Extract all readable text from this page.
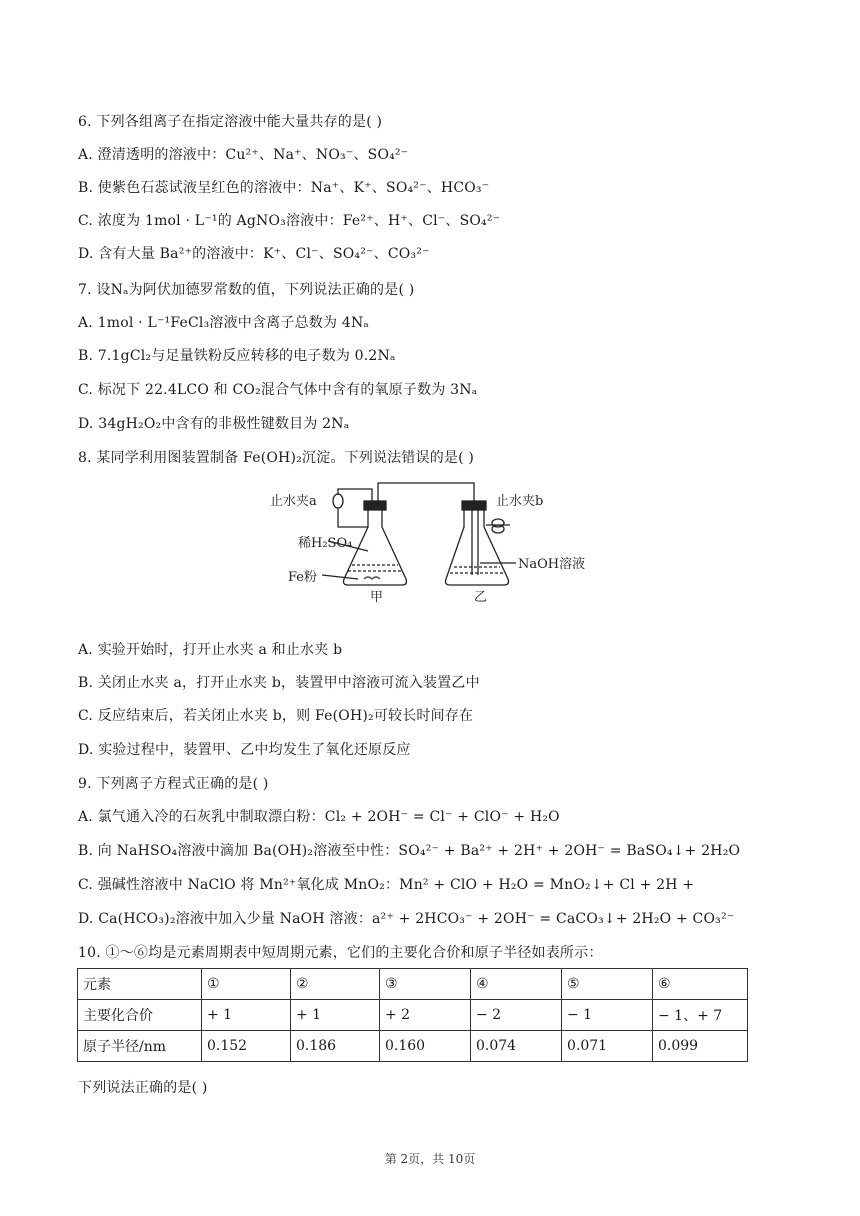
6. 下列各组离子在指定溶液中能大量共存的是( )
A. 澄清透明的溶液中：Cu²⁺、Na⁺、NO₃⁻、SO₄²⁻
B. 使紫色石蕊试液呈红色的溶液中：Na⁺、K⁺、SO₄²⁻、HCO₃⁻
C. 浓度为 1mol · L⁻¹的 AgNO₃溶液中：Fe²⁺、H⁺、Cl⁻、SO₄²⁻
D. 含有大量 Ba²⁺的溶液中：K⁺、Cl⁻、SO₄²⁻、CO₃²⁻
7. 设Nₐ为阿伏加德罗常数的值，下列说法正确的是( )
A. 1mol · L⁻¹FeCl₃溶液中含离子总数为 4Nₐ
B. 7.1gCl₂与足量铁粉反应转移的电子数为 0.2Nₐ
C. 标况下 22.4LCO 和 CO₂混合气体中含有的氧原子数为 3Nₐ
D. 34gH₂O₂中含有的非极性键数目为 2Nₐ
8. 某同学利用图装置制备 Fe(OH)₂沉淀。下列说法错误的是( )
止水夹a	止水夹b
稀H₂SO₄
Fe粉
NaOH溶液
甲	乙
A. 实验开始时，打开止水夹 a 和止水夹 b
B. 关闭止水夹 a，打开止水夹 b，装置甲中溶液可流入装置乙中
C. 反应结束后，若关闭止水夹 b，则 Fe(OH)₂可较长时间存在
D. 实验过程中，装置甲、乙中均发生了氧化还原反应
9. 下列离子方程式正确的是( )
A. 氯气通入冷的石灰乳中制取漂白粉：Cl₂ + 2OH⁻ = Cl⁻ + ClO⁻ + H₂O
B. 向 NaHSO₄溶液中滴加 Ba(OH)₂溶液至中性：SO₄²⁻ + Ba²⁺ + 2H⁺ + 2OH⁻ = BaSO₄↓+ 2H₂O
C. 强碱性溶液中 NaClO 将 Mn²⁺氧化成 MnO₂：Mn² + ClO + H₂O = MnO₂↓+ Cl + 2H +
D. Ca(HCO₃)₂溶液中加入少量 NaOH 溶液：a²⁺ + 2HCO₃⁻ + 2OH⁻ = CaCO₃↓+ 2H₂O + CO₃²⁻
10. ①～⑥均是元素周期表中短周期元素，它们的主要化合价和原子半径如表所示：
元素	①	②	③	④	⑤	⑥
主要化合价	+ 1	+ 1	+ 2	− 2	− 1	− 1、+ 7
原子半径/nm	0.152	0.186	0.160	0.074	0.071	0.099
下列说法正确的是( )
第 2页，共 10页
